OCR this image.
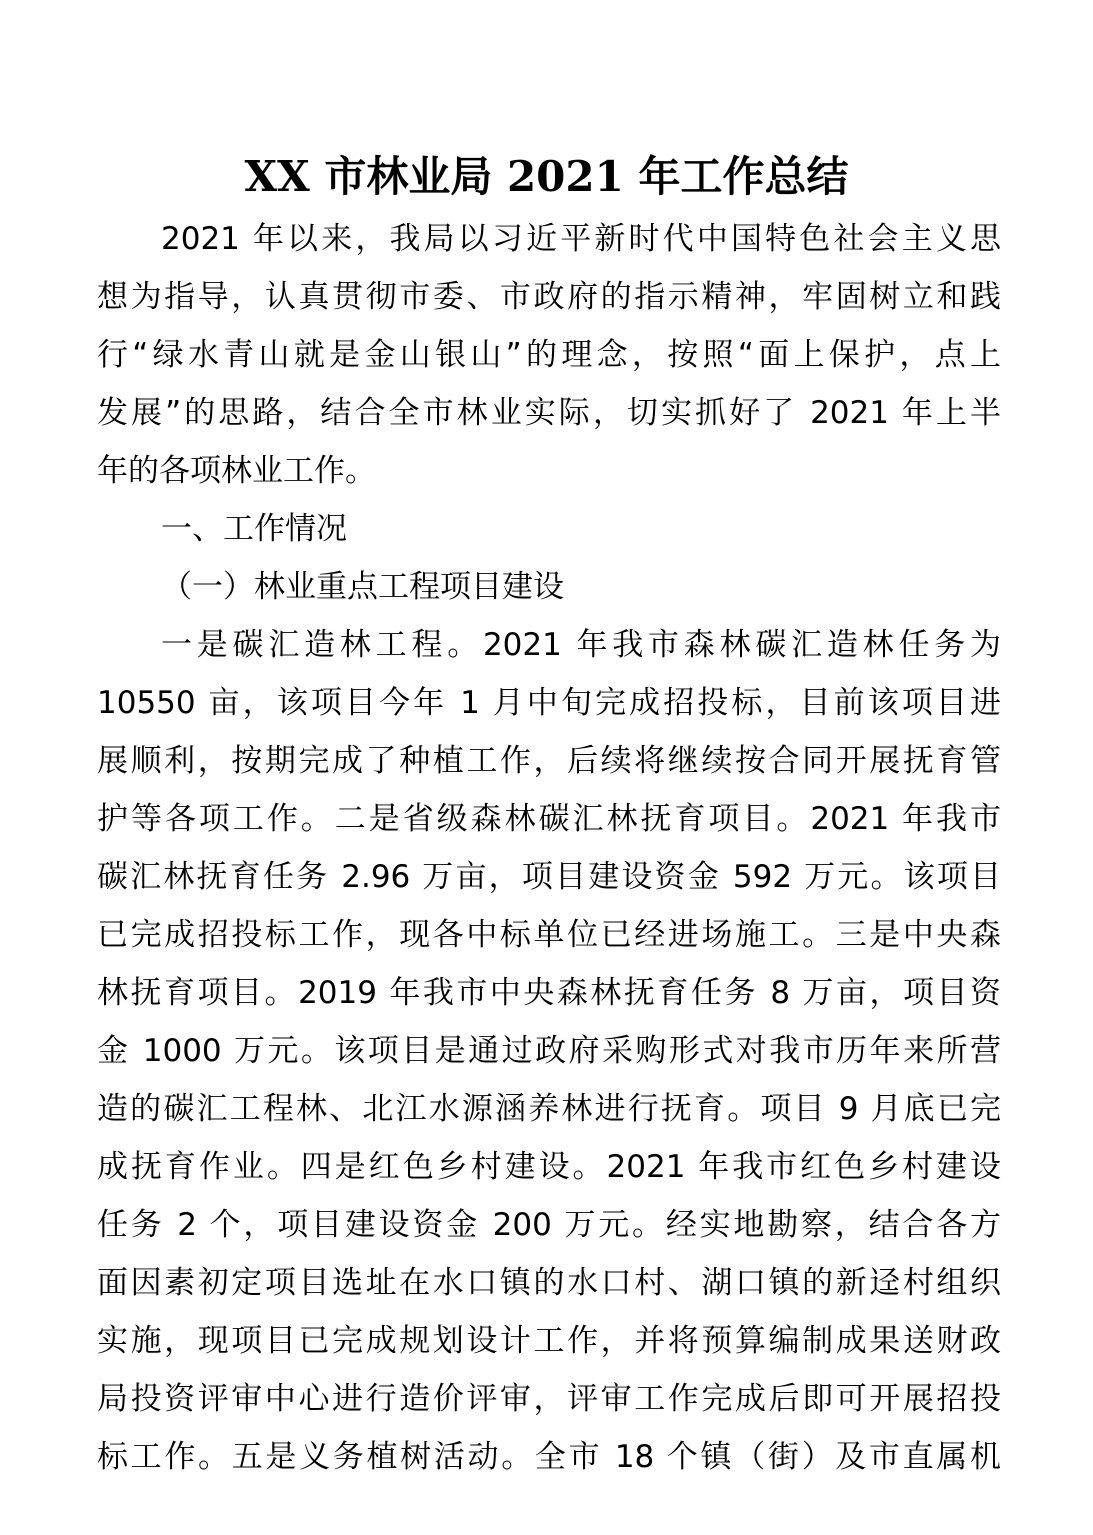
XX 市林业局 2021 年工作总结
2021 年以来，我局以习近平新时代中国特色社会主义思
想为指导，认真贯彻市委、市政府的指示精神，牢固树立和践
行“绿水青山就是金山银山”的理念，按照“面上保护，点上
发展”的思路，结合全市林业实际，切实抓好了 2021 年上半
年的各项林业工作。
一、工作情况
（一）林业重点工程项目建设
一是碳汇造林工程。2021 年我市森林碳汇造林任务为
10550 亩，该项目今年 1 月中旬完成招投标，目前该项目进
展顺利，按期完成了种植工作，后续将继续按合同开展抚育管
护等各项工作。二是省级森林碳汇林抚育项目。2021 年我市
碳汇林抚育任务 2.96 万亩，项目建设资金 592 万元。该项目
已完成招投标工作，现各中标单位已经进场施工。三是中央森
林抚育项目。2019 年我市中央森林抚育任务 8 万亩，项目资
金 1000 万元。该项目是通过政府采购形式对我市历年来所营
造的碳汇工程林、北江水源涵养林进行抚育。项目 9 月底已完
成抚育作业。四是红色乡村建设。2021 年我市红色乡村建设
任务 2 个，项目建设资金 200 万元。经实地勘察，结合各方
面因素初定项目选址在水口镇的水口村、湖口镇的新迳村组织
实施，现项目已完成规划设计工作，并将预算编制成果送财政
局投资评审中心进行造价评审，评审工作完成后即可开展招投
标工作。五是义务植树活动。全市 18 个镇（街）及市直属机
